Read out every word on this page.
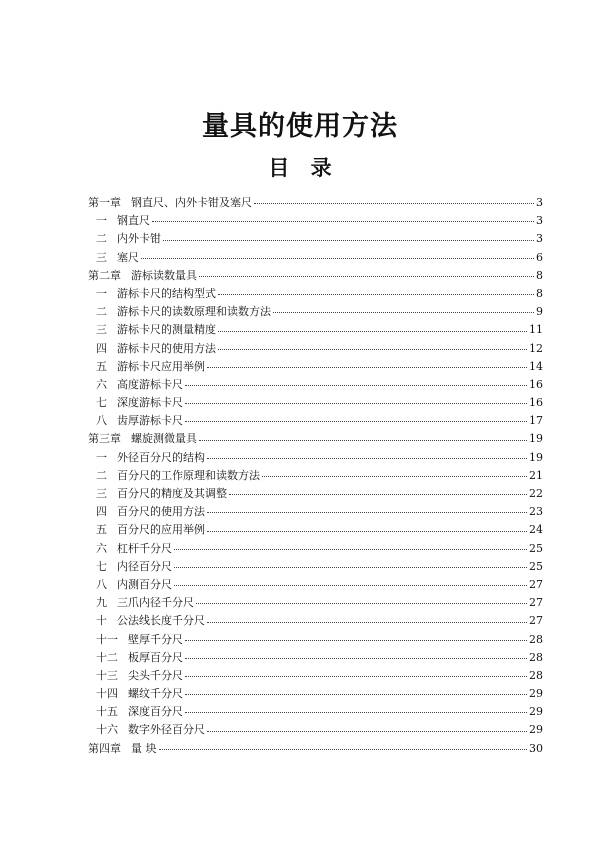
量具的使用方法
目 录
第一章 钢直尺、内外卡钳及塞尺	3
一 钢直尺	3
二 内外卡钳	3
三 塞尺	6
第二章 游标读数量具	8
一 游标卡尺的结构型式	8
二 游标卡尺的读数原理和读数方法	9
三 游标卡尺的测量精度	11
四 游标卡尺的使用方法	12
五 游标卡尺应用举例	14
六 高度游标卡尺	16
七 深度游标卡尺	16
八 齿厚游标卡尺	17
第三章 螺旋测微量具	19
一 外径百分尺的结构	19
二 百分尺的工作原理和读数方法	21
三 百分尺的精度及其调整	22
四 百分尺的使用方法	23
五 百分尺的应用举例	24
六 杠杆千分尺	25
七 内径百分尺	25
八 内测百分尺	27
九 三爪内径千分尺	27
十 公法线长度千分尺	27
十一 壁厚千分尺	28
十二 板厚百分尺	28
十三 尖头千分尺	28
十四 螺纹千分尺	29
十五 深度百分尺	29
十六 数字外径百分尺	29
第四章 量 块	30
